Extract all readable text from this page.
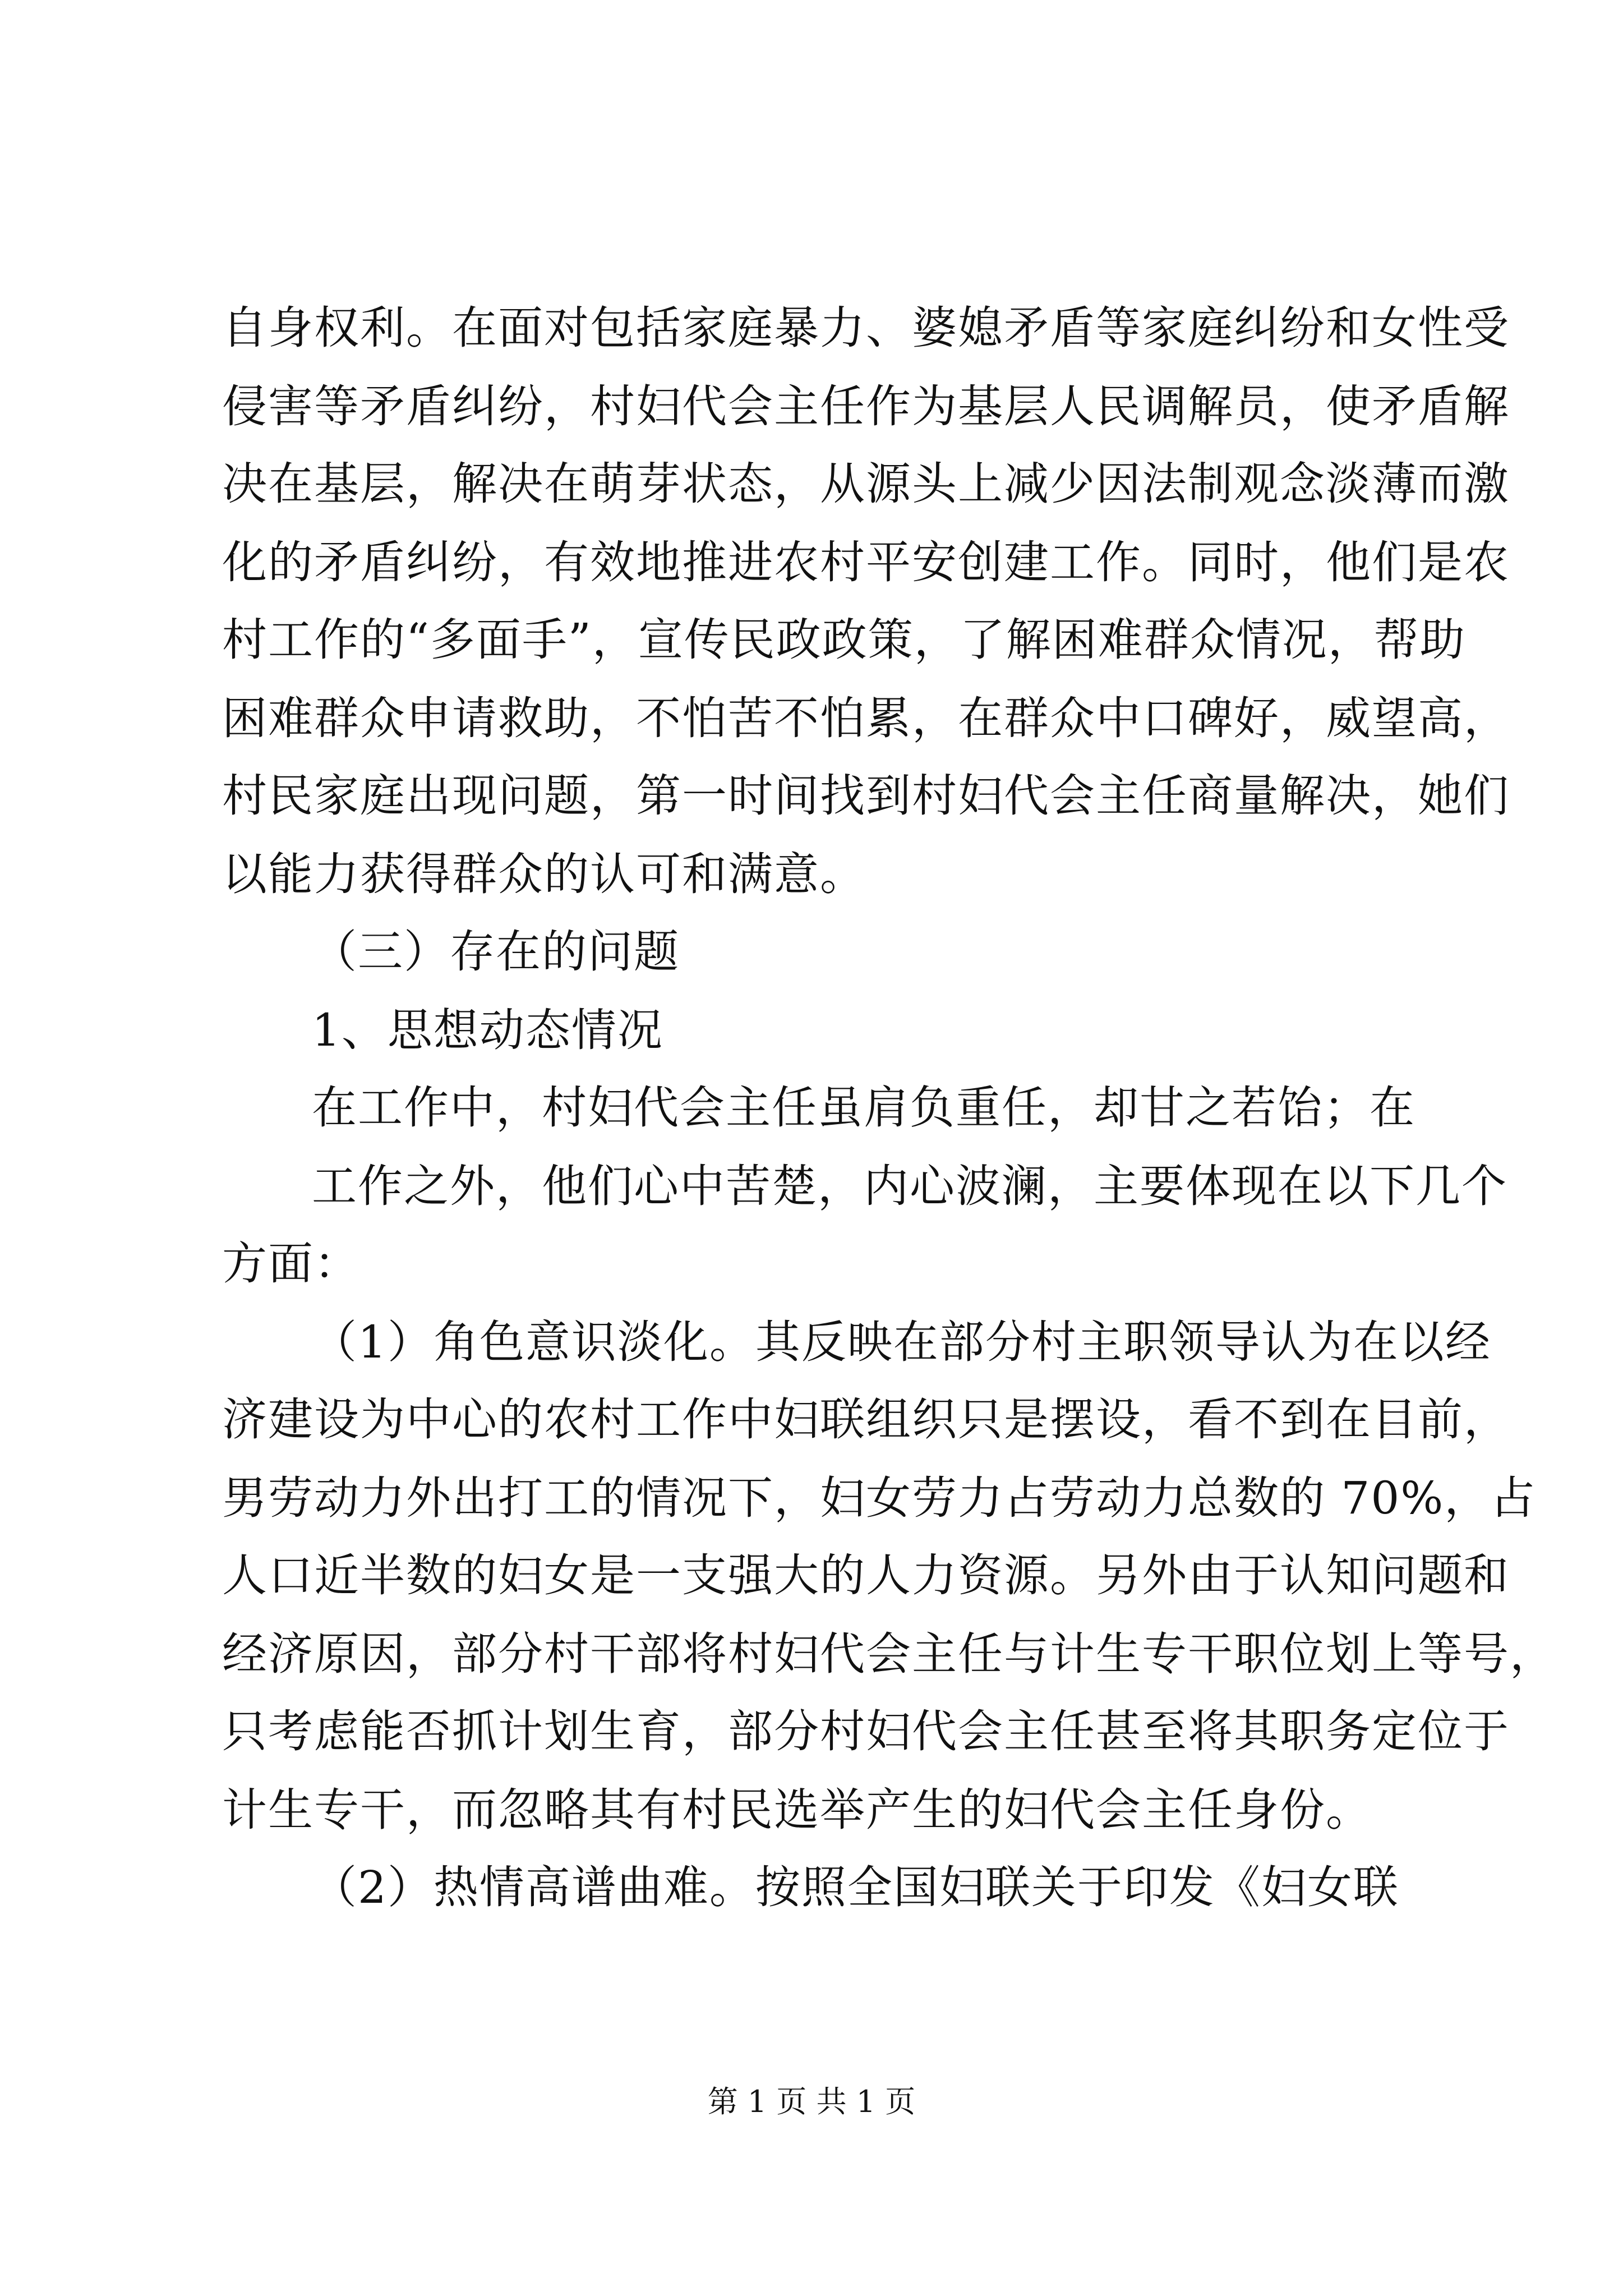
自身权利。在面对包括家庭暴力、婆媳矛盾等家庭纠纷和女性受
侵害等矛盾纠纷，村妇代会主任作为基层人民调解员，使矛盾解
决在基层，解决在萌芽状态，从源头上减少因法制观念淡薄而激
化的矛盾纠纷，有效地推进农村平安创建工作。同时，他们是农
村工作的“多面手”，宣传民政政策，了解困难群众情况，帮助
困难群众申请救助，不怕苦不怕累，在群众中口碑好，威望高，
村民家庭出现问题，第一时间找到村妇代会主任商量解决，她们
以能力获得群众的认可和满意。
（三）存在的问题
1、思想动态情况
在工作中，村妇代会主任虽肩负重任，却甘之若饴；在
工作之外，他们心中苦楚，内心波澜，主要体现在以下几个
方面：
（1）角色意识淡化。其反映在部分村主职领导认为在以经
济建设为中心的农村工作中妇联组织只是摆设，看不到在目前，
男劳动力外出打工的情况下，妇女劳力占劳动力总数的 70%，占
人口近半数的妇女是一支强大的人力资源。另外由于认知问题和
经济原因，部分村干部将村妇代会主任与计生专干职位划上等号，
只考虑能否抓计划生育，部分村妇代会主任甚至将其职务定位于
计生专干，而忽略其有村民选举产生的妇代会主任身份。
（2）热情高谱曲难。按照全国妇联关于印发《妇女联
第 1 页 共 1 页
